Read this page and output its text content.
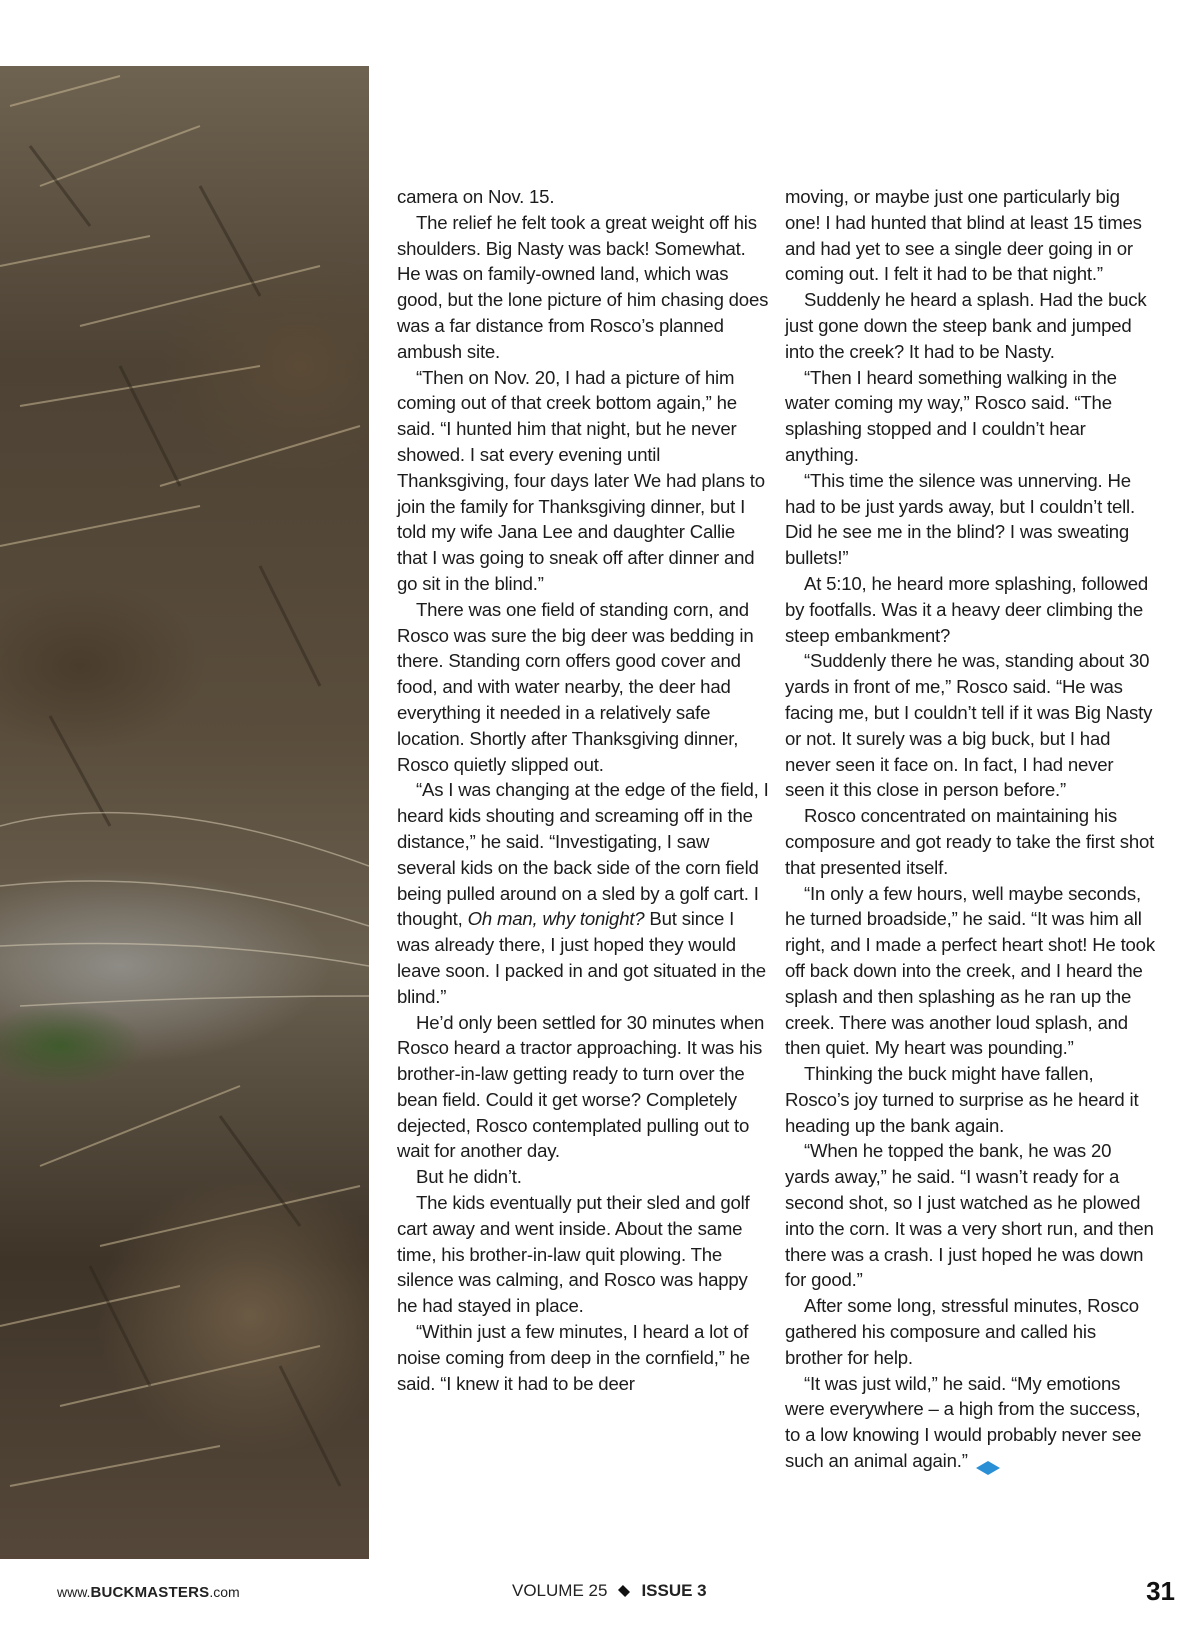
camera on Nov. 15.

The relief he felt took a great weight off his shoulders. Big Nasty was back! Somewhat. He was on family-owned land, which was good, but the lone picture of him chasing does was a far distance from Rosco’s planned ambush site.

“Then on Nov. 20, I had a picture of him coming out of that creek bottom again,” he said. “I hunted him that night, but he never showed. I sat every evening until Thanksgiving, four days later We had plans to join the family for Thanksgiving dinner, but I told my wife Jana Lee and daughter Callie that I was going to sneak off after dinner and go sit in the blind.”

There was one field of standing corn, and Rosco was sure the big deer was bedding in there. Standing corn offers good cover and food, and with water nearby, the deer had everything it needed in a relatively safe location. Shortly after Thanksgiving dinner, Rosco quietly slipped out.

“As I was changing at the edge of the field, I heard kids shouting and screaming off in the distance,” he said. “Investigating, I saw several kids on the back side of the corn field being pulled around on a sled by a golf cart. I thought, Oh man, why tonight? But since I was already there, I just hoped they would leave soon. I packed in and got situated in the blind.”

He’d only been settled for 30 minutes when Rosco heard a tractor approaching. It was his brother-in-law getting ready to turn over the bean field. Could it get worse? Completely dejected, Rosco contemplated pulling out to wait for another day.

But he didn’t.

The kids eventually put their sled and golf cart away and went inside. About the same time, his brother-in-law quit plowing. The silence was calming, and Rosco was happy he had stayed in place.

“Within just a few minutes, I heard a lot of noise coming from deep in the cornfield,” he said. “I knew it had to be deer

moving, or maybe just one particularly big one! I had hunted that blind at least 15 times and had yet to see a single deer going in or coming out. I felt it had to be that night.”

Suddenly he heard a splash. Had the buck just gone down the steep bank and jumped into the creek? It had to be Nasty.

“Then I heard something walking in the water coming my way,” Rosco said. “The splashing stopped and I couldn’t hear anything.

“This time the silence was unnerving. He had to be just yards away, but I couldn’t tell. Did he see me in the blind? I was sweating bullets!”

At 5:10, he heard more splashing, followed by footfalls. Was it a heavy deer climbing the steep embankment?

“Suddenly there he was, standing about 30 yards in front of me,” Rosco said. “He was facing me, but I couldn’t tell if it was Big Nasty or not. It surely was a big buck, but I had never seen it face on. In fact, I had never seen it this close in person before.”

Rosco concentrated on maintaining his composure and got ready to take the first shot that presented itself.

“In only a few hours, well maybe seconds, he turned broadside,” he said. “It was him all right, and I made a perfect heart shot! He took off back down into the creek, and I heard the splash and then splashing as he ran up the creek. There was another loud splash, and then quiet. My heart was pounding.”

Thinking the buck might have fallen, Rosco’s joy turned to surprise as he heard it heading up the bank again.

“When he topped the bank, he was 20 yards away,” he said. “I wasn’t ready for a second shot, so I just watched as he plowed into the corn. It was a very short run, and then there was a crash. I just hoped he was down for good.”

After some long, stressful minutes, Rosco gathered his composure and called his brother for help.

“It was just wild,” he said. “My emotions were everywhere – a high from the success, to a low knowing I would probably never see such an animal again.”

www.BUCKMASTERS.com	VOLUME 25 ISSUE 3	31
